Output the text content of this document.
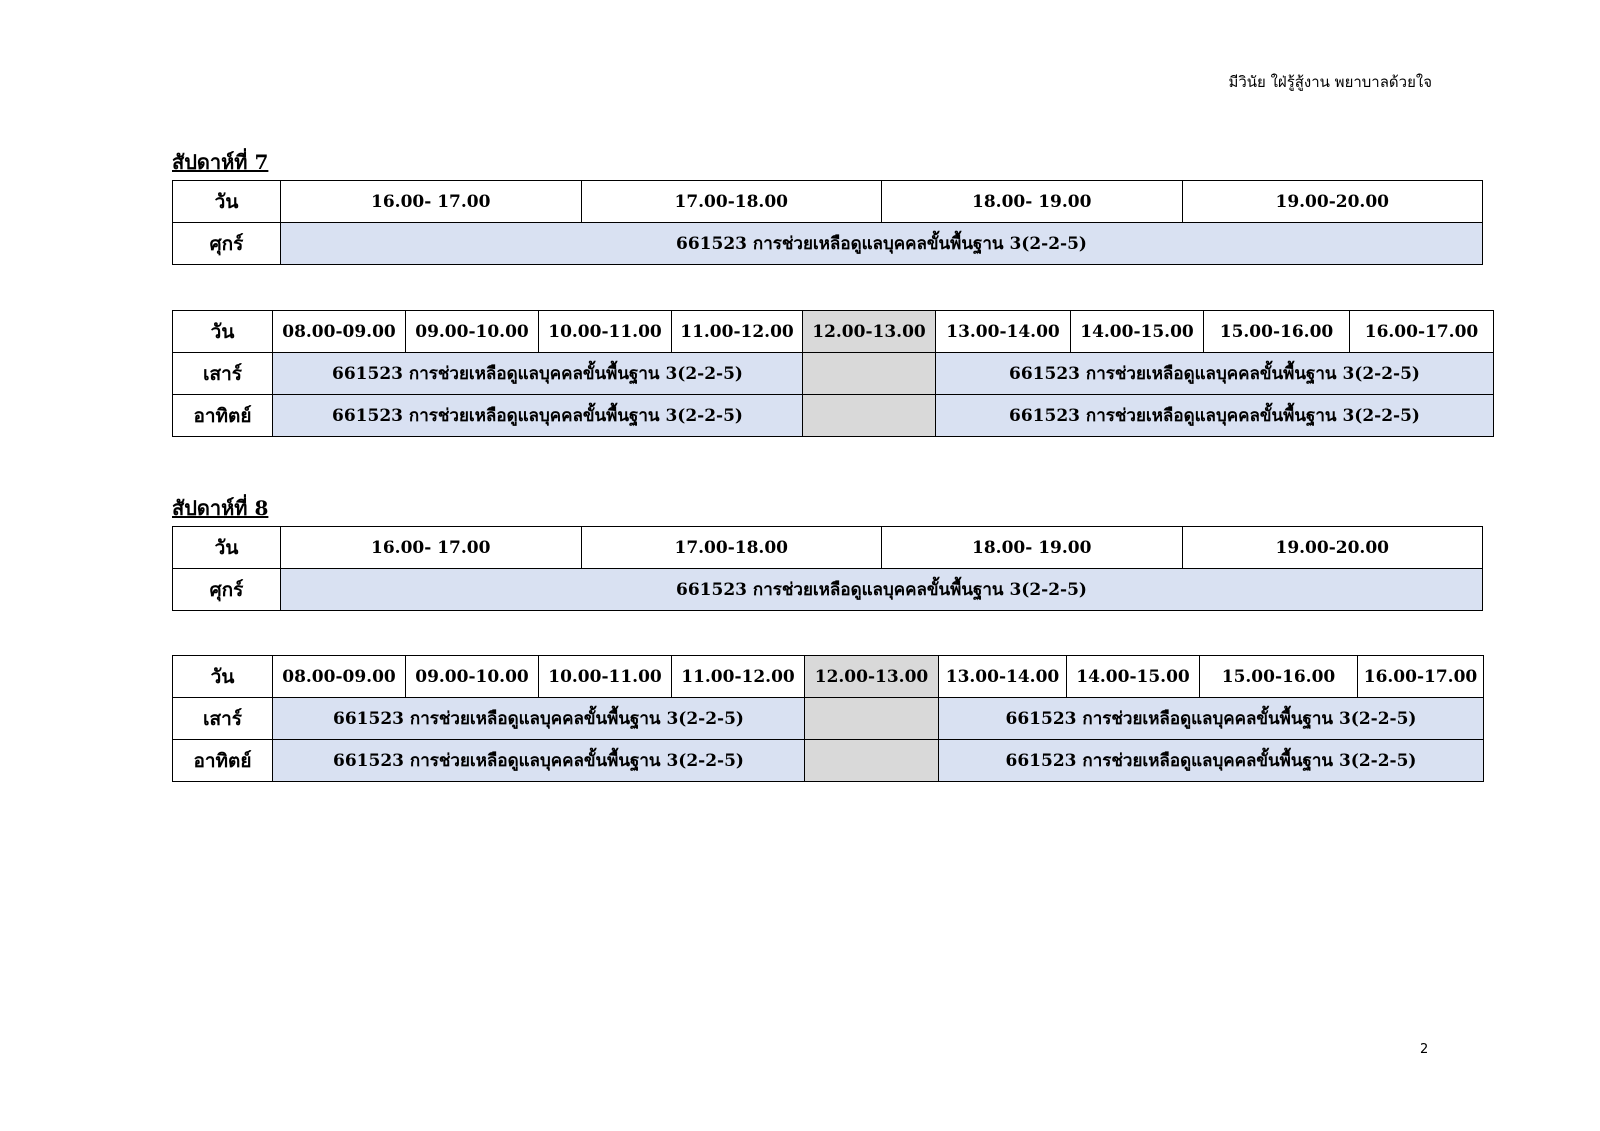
มีวินัย ใฝ่รู้สู้งาน พยาบาลด้วยใจ
สัปดาห์ที่ 7
วัน	16.00- 17.00	17.00-18.00	18.00- 19.00	19.00-20.00
ศุกร์	661523 การช่วยเหลือดูแลบุคคลขั้นพื้นฐาน 3(2-2-5)			
วัน	08.00-09.00	09.00-10.00	10.00-11.00	11.00-12.00	12.00-13.00	13.00-14.00	14.00-15.00	15.00-16.00	16.00-17.00
เสาร์	661523 การช่วยเหลือดูแลบุคคลขั้นพื้นฐาน 3(2-2-5)					661523 การช่วยเหลือดูแลบุคคลขั้นพื้นฐาน 3(2-2-5)			
อาทิตย์	661523 การช่วยเหลือดูแลบุคคลขั้นพื้นฐาน 3(2-2-5)					661523 การช่วยเหลือดูแลบุคคลขั้นพื้นฐาน 3(2-2-5)			
สัปดาห์ที่ 8
วัน	16.00- 17.00	17.00-18.00	18.00- 19.00	19.00-20.00
ศุกร์	661523 การช่วยเหลือดูแลบุคคลขั้นพื้นฐาน 3(2-2-5)			
วัน	08.00-09.00	09.00-10.00	10.00-11.00	11.00-12.00	12.00-13.00	13.00-14.00	14.00-15.00	15.00-16.00	16.00-17.00
เสาร์	661523 การช่วยเหลือดูแลบุคคลขั้นพื้นฐาน 3(2-2-5)					661523 การช่วยเหลือดูแลบุคคลขั้นพื้นฐาน 3(2-2-5)			
อาทิตย์	661523 การช่วยเหลือดูแลบุคคลขั้นพื้นฐาน 3(2-2-5)					661523 การช่วยเหลือดูแลบุคคลขั้นพื้นฐาน 3(2-2-5)			
2
